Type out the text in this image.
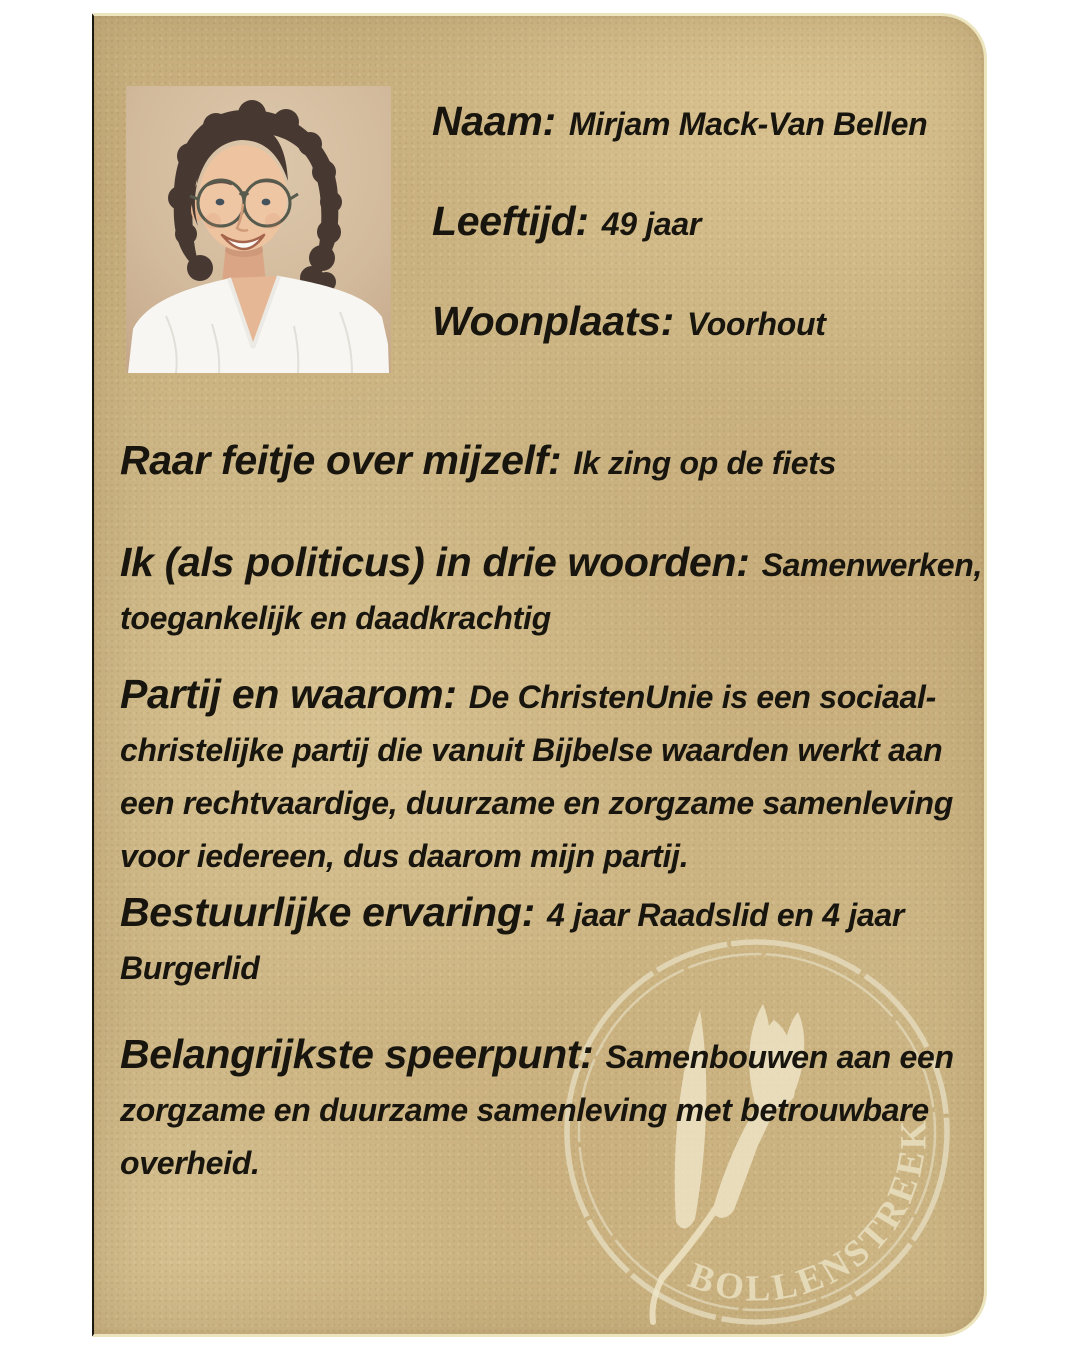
BOLLENSTREEK
Naam: Mirjam Mack-Van Bellen
Leeftijd: 49 jaar
Woonplaats: Voorhout

Raar feitje over mijzelf: Ik zing op de fiets

Ik (als politicus) in drie woorden: Samenwerken, toegankelijk en daadkrachtig

Partij en waarom: De ChristenUnie is een sociaal-christelijke partij die vanuit Bijbelse waarden werkt aan een rechtvaardige, duurzame en zorgzame samenleving voor iedereen, dus daarom mijn partij.

Bestuurlijke ervaring: 4 jaar Raadslid en 4 jaar Burgerlid

Belangrijkste speerpunt: Samenbouwen aan een zorgzame en duurzame samenleving met betrouwbare overheid.
